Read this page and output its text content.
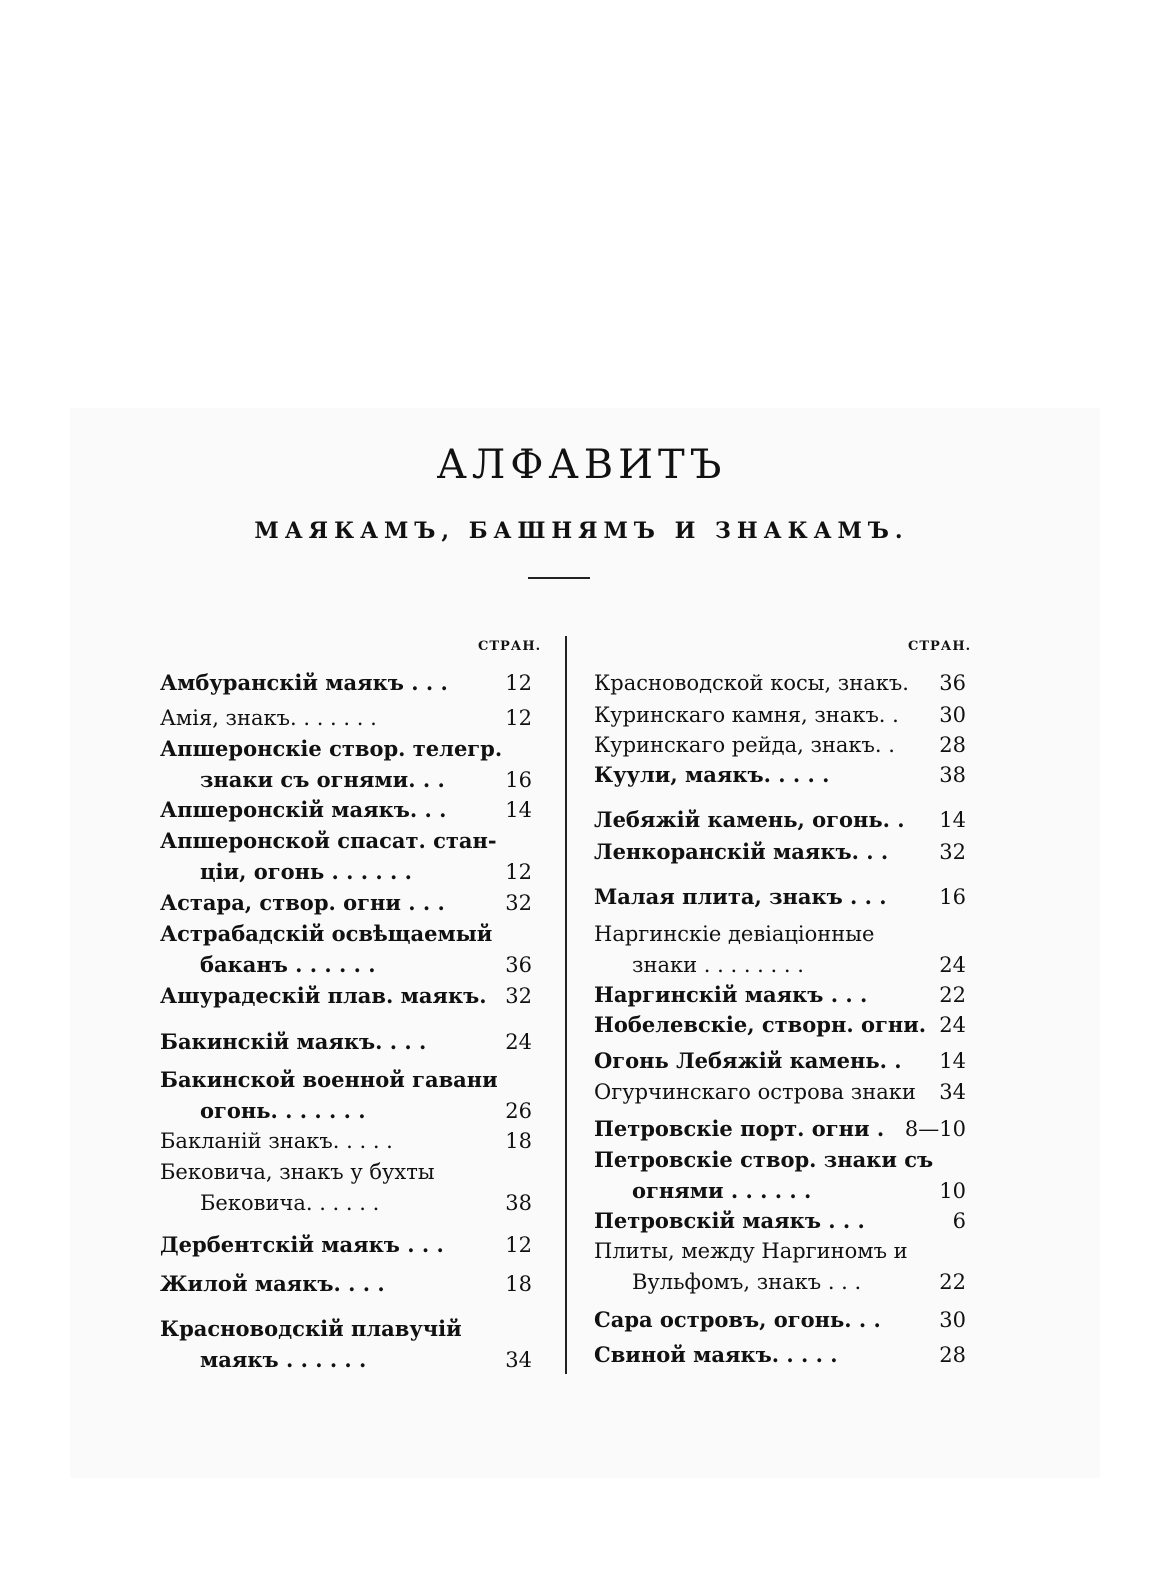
АЛФАВИТЪ
МАЯКАМЪ, БАШНЯМЪ И ЗНАКАМЪ.
СТРАН.	СТРАН.
Амбуранскій маякъ . . .	12
Амія, знакъ. . . . . . .	12
Апшеронскіе створ. телегр.
знаки съ огнями. . .	16
Апшеронскій маякъ. . .	14
Апшеронской спасат. стан-
ціи, огонь . . . . . .	12
Астара, створ. огни . . .	32
Астрабадскій освѣщаемый
баканъ . . . . . .	36
Ашурадескій плав. маякъ. 32
Бакинскій маякъ. . . .	24
Бакинской военной гавани
огонь. . . . . . .	26
Бакланій знакъ. . . . .	18
Бековича, знакъ у бухты
Бековича. . . . . .	38
Дербентскій маякъ . . .	12
Жилой маякъ. . . .	18
Красноводскій плавучій
маякъ . . . . . .	34
Красноводской косы, знакъ. 36
Куринскаго камня, знакъ. . 30
Куринскаго рейда, знакъ. . 28
Куули, маякъ. . . . .	38
Лебяжій камень, огонь. . 14
Ленкоранскій маякъ. . . 32
Малая плита, знакъ . . .	16
Наргинскіе девіаціонные
знаки . . . . . . . .	24
Наргинскій маякъ . . .	22
Нобелевскіе, створн. огни. 24
Огонь Лебяжій камень. . 14
Огурчинскаго острова знаки 34
Петровскіе порт. огни . 8—10
Петровскіе створ. знаки съ
огнями . . . . . .	10
Петровскій маякъ . . .	6
Плиты, между Наргиномъ и
Вульфомъ, знакъ . . .	22
Сара островъ, огонь. . .	30
Свиной маякъ. . . . .	28
